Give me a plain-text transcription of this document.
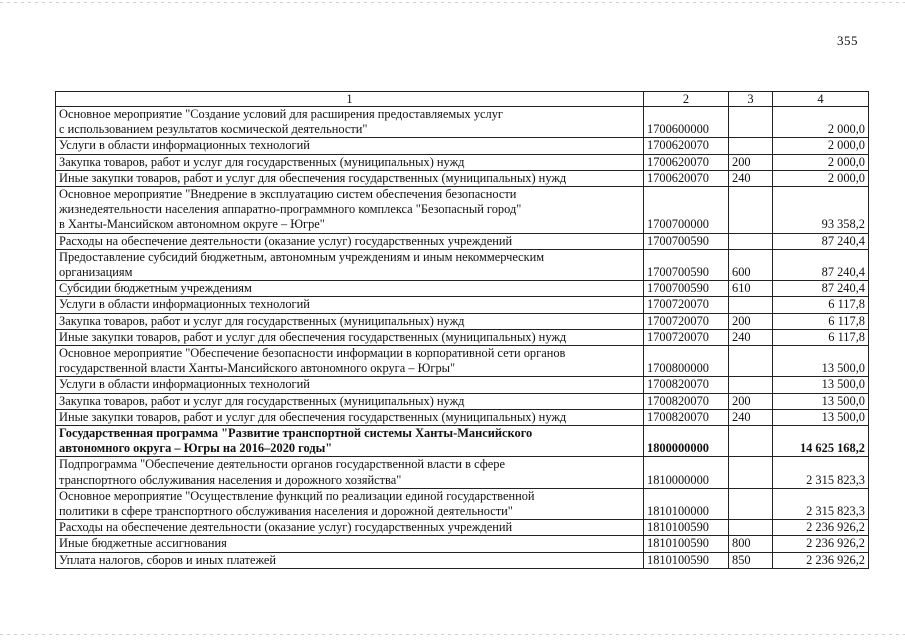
355
1	2	3	4

Основное мероприятие "Создание условий для расширения предоставляемых услуг
с использованием результатов космической деятельности"	1700600000		2 000,0

Услуги в области информационных технологий	1700620070		2 000,0

Закупка товаров, работ и услуг для государственных (муниципальных) нужд	1700620070	200	2 000,0

Иные закупки товаров, работ и услуг для обеспечения государственных (муниципальных) нужд	1700620070	240	2 000,0

Основное мероприятие "Внедрение в эксплуатацию систем обеспечения безопасности
жизнедеятельности населения аппаратно-программного комплекса "Безопасный город"
в Ханты-Мансийском автономном округе – Югре"	1700700000		93 358,2

Расходы на обеспечение деятельности (оказание услуг) государственных учреждений	1700700590		87 240,4

Предоставление субсидий бюджетным, автономным учреждениям и иным некоммерческим
организациям	1700700590	600	87 240,4

Субсидии бюджетным учреждениям	1700700590	610	87 240,4

Услуги в области информационных технологий	1700720070		6 117,8

Закупка товаров, работ и услуг для государственных (муниципальных) нужд	1700720070	200	6 117,8

Иные закупки товаров, работ и услуг для обеспечения государственных (муниципальных) нужд	1700720070	240	6 117,8

Основное мероприятие "Обеспечение безопасности информации в корпоративной сети органов
государственной власти Ханты-Мансийского автономного округа – Югры"	1700800000		13 500,0

Услуги в области информационных технологий	1700820070		13 500,0

Закупка товаров, работ и услуг для государственных (муниципальных) нужд	1700820070	200	13 500,0

Иные закупки товаров, работ и услуг для обеспечения государственных (муниципальных) нужд	1700820070	240	13 500,0

Государственная программа "Развитие транспортной системы Ханты-Мансийского
автономного округа – Югры на 2016–2020 годы"	1800000000		14 625 168,2

Подпрограмма "Обеспечение деятельности органов государственной власти в сфере
транспортного обслуживания населения и дорожного хозяйства"	1810000000		2 315 823,3

Основное мероприятие "Осуществление функций по реализации единой государственной
политики в сфере транспортного обслуживания населения и дорожной деятельности"	1810100000		2 315 823,3

Расходы на обеспечение деятельности (оказание услуг) государственных учреждений	1810100590		2 236 926,2

Иные бюджетные ассигнования	1810100590	800	2 236 926,2

Уплата налогов, сборов и иных платежей	1810100590	850	2 236 926,2
